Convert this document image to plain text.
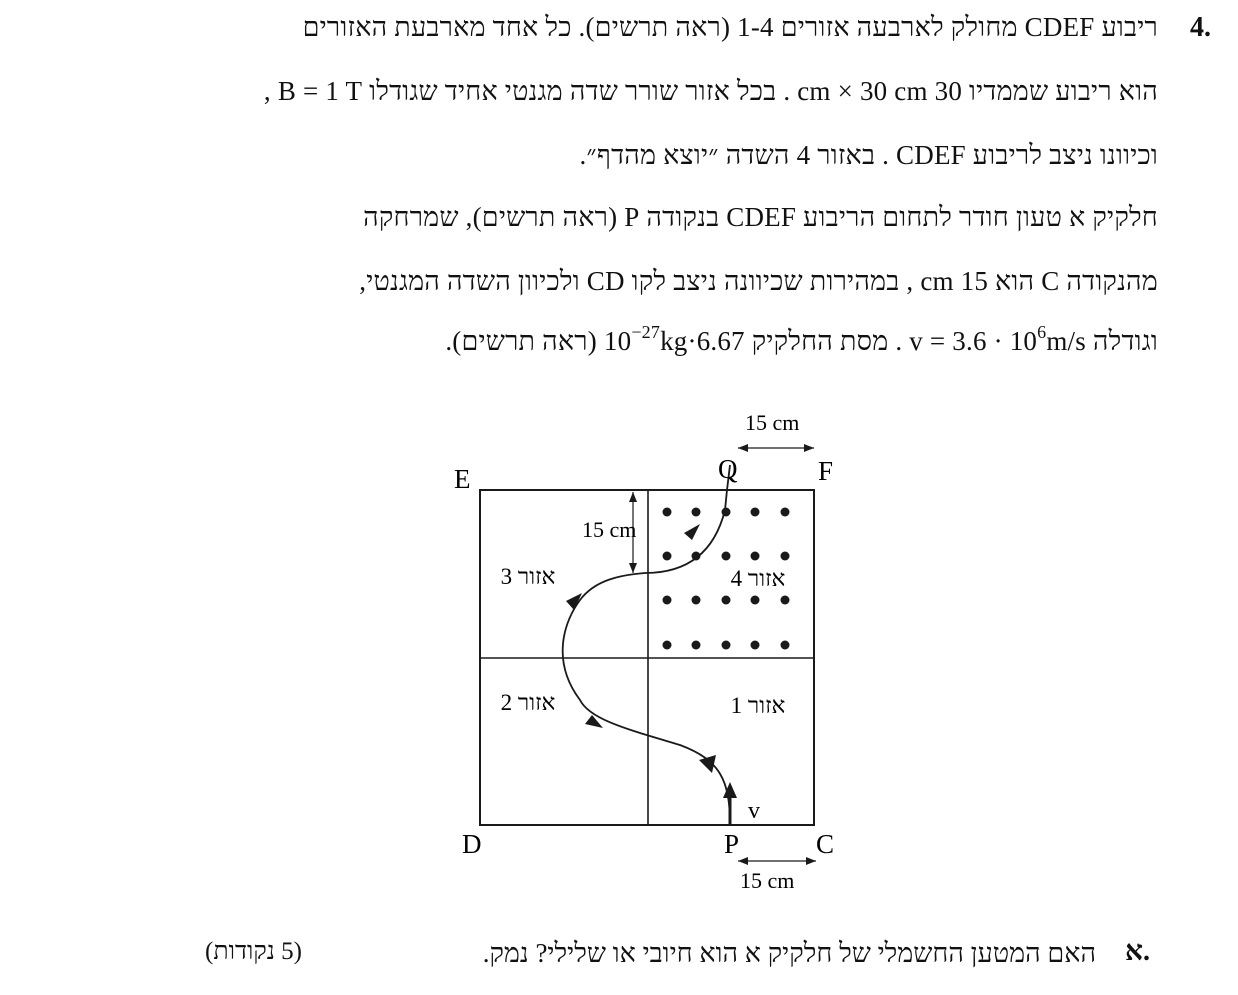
4.
ריבוע CDEF מחולק לארבעה אזורים 1-4 (ראה תרשים). כל אחד מארבעת האזורים
הוא ריבוע שממדיו 30 cm × 30 cm . בכל אזור שורר שדה מגנטי אחיד שגודלו B = 1 T ,
וכיוונו ניצב לריבוע CDEF . באזור 4 השדה ״יוצא מהדף״.
חלקיק א טעון חודר לתחום הריבוע CDEF בנקודה P (ראה תרשים), שמרחקה
מהנקודה C הוא 15 cm , במהירות שכיוונה ניצב לקו CD ולכיוון השדה המגנטי,
וגודלה $v = 3.6 \cdot 10^6m/s$ . מסת החלקיק $6.67\cdot 10^{-27}kg$ (ראה תרשים).
15 cm
15 cm
15 cm
E	F
D	C
Q
P
v
אזור 3	אזור 4
אזור 2	אזור 1
א.
האם המטען החשמלי של חלקיק א הוא חיובי או שלילי? נמק.
(5 נקודות)
